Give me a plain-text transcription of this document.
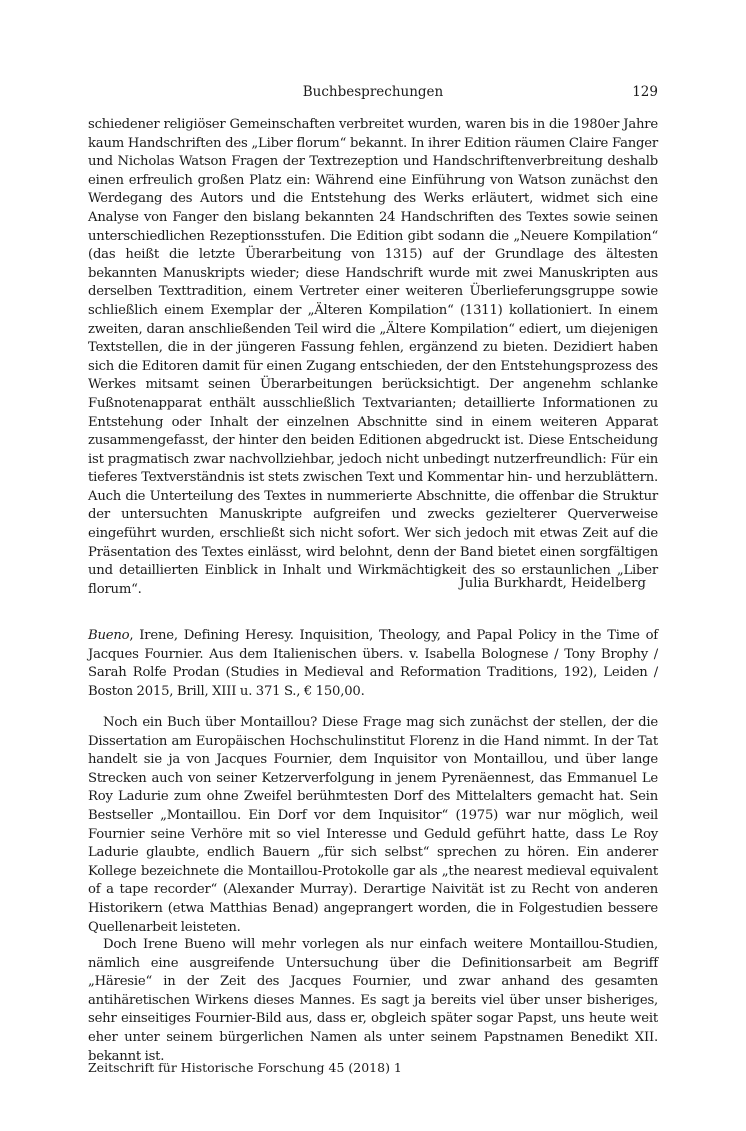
Buchbesprechungen	129

schiedener religiöser Gemeinschaften verbreitet wurden, waren bis in die 1980er Jahre kaum Handschriften des „Liber florum“ bekannt. In ihrer Edition räumen Claire Fanger und Nicholas Watson Fragen der Textrezeption und Handschriftenverbreitung deshalb einen erfreulich großen Platz ein: Während eine Einführung von Watson zunächst den Werdegang des Autors und die Entstehung des Werks erläutert, widmet sich eine Analyse von Fanger den bislang bekannten 24 Handschriften des Textes sowie seinen unterschiedlichen Rezeptionsstufen. Die Edition gibt sodann die „Neuere Kompilation“ (das heißt die letzte Überarbeitung von 1315) auf der Grundlage des ältesten bekannten Manuskripts wieder; diese Handschrift wurde mit zwei Manuskripten aus derselben Texttradition, einem Vertreter einer weiteren Überlieferungsgruppe sowie schließlich einem Exemplar der „Älteren Kompilation“ (1311) kollationiert. In einem zweiten, daran anschließenden Teil wird die „Ältere Kompilation“ ediert, um diejenigen Textstellen, die in der jüngeren Fassung fehlen, ergänzend zu bieten. Dezidiert haben sich die Editoren damit für einen Zugang entschieden, der den Entstehungsprozess des Werkes mitsamt seinen Überarbeitungen berücksichtigt. Der angenehm schlanke Fußnotenapparat enthält ausschließlich Textvarianten; detaillierte Informationen zu Entstehung oder Inhalt der einzelnen Abschnitte sind in einem weiteren Apparat zusammengefasst, der hinter den beiden Editionen abgedruckt ist. Diese Entscheidung ist pragmatisch zwar nachvollziehbar, jedoch nicht unbedingt nutzerfreundlich: Für ein tieferes Textverständnis ist stets zwischen Text und Kommentar hin- und herzublättern. Auch die Unterteilung des Textes in nummerierte Abschnitte, die offenbar die Struktur der untersuchten Manuskripte aufgreifen und zwecks gezielterer Querverweise eingeführt wurden, erschließt sich nicht sofort. Wer sich jedoch mit etwas Zeit auf die Präsentation des Textes einlässt, wird belohnt, denn der Band bietet einen sorgfältigen und detaillierten Einblick in Inhalt und Wirkmächtigkeit des so erstaunlichen „Liber florum“.	Julia Burkhardt, Heidelberg

Bueno, Irene, Defining Heresy. Inquisition, Theology, and Papal Policy in the Time of Jacques Fournier. Aus dem Italienischen übers. v. Isabella Bolognese / Tony Brophy / Sarah Rolfe Prodan (Studies in Medieval and Reformation Traditions, 192), Leiden / Boston 2015, Brill, XIII u. 371 S., € 150,00.

Noch ein Buch über Montaillou? Diese Frage mag sich zunächst der stellen, der die Dissertation am Europäischen Hochschulinstitut Florenz in die Hand nimmt. In der Tat handelt sie ja von Jacques Fournier, dem Inquisitor von Montaillou, und über lange Strecken auch von seiner Ketzerverfolgung in jenem Pyrenäennest, das Emmanuel Le Roy Ladurie zum ohne Zweifel berühmtesten Dorf des Mittelalters gemacht hat. Sein Bestseller „Montaillou. Ein Dorf vor dem Inquisitor“ (1975) war nur möglich, weil Fournier seine Verhöre mit so viel Interesse und Geduld geführt hatte, dass Le Roy Ladurie glaubte, endlich Bauern „für sich selbst“ sprechen zu hören. Ein anderer Kollege bezeichnete die Montaillou-Protokolle gar als „the nearest medieval equivalent of a tape recorder“ (Alexander Murray). Derartige Naivität ist zu Recht von anderen Historikern (etwa Matthias Benad) angeprangert worden, die in Folgestudien bessere Quellenarbeit leisteten.

Doch Irene Bueno will mehr vorlegen als nur einfach weitere Montaillou-Studien, nämlich eine ausgreifende Untersuchung über die Definitionsarbeit am Begriff „Häresie“ in der Zeit des Jacques Fournier, und zwar anhand des gesamten antihäretischen Wirkens dieses Mannes. Es sagt ja bereits viel über unser bisheriges, sehr einseitiges Fournier-Bild aus, dass er, obgleich später sogar Papst, uns heute weit eher unter seinem bürgerlichen Namen als unter seinem Papstnamen Benedikt XII. bekannt ist.

Zeitschrift für Historische Forschung 45 (2018) 1
